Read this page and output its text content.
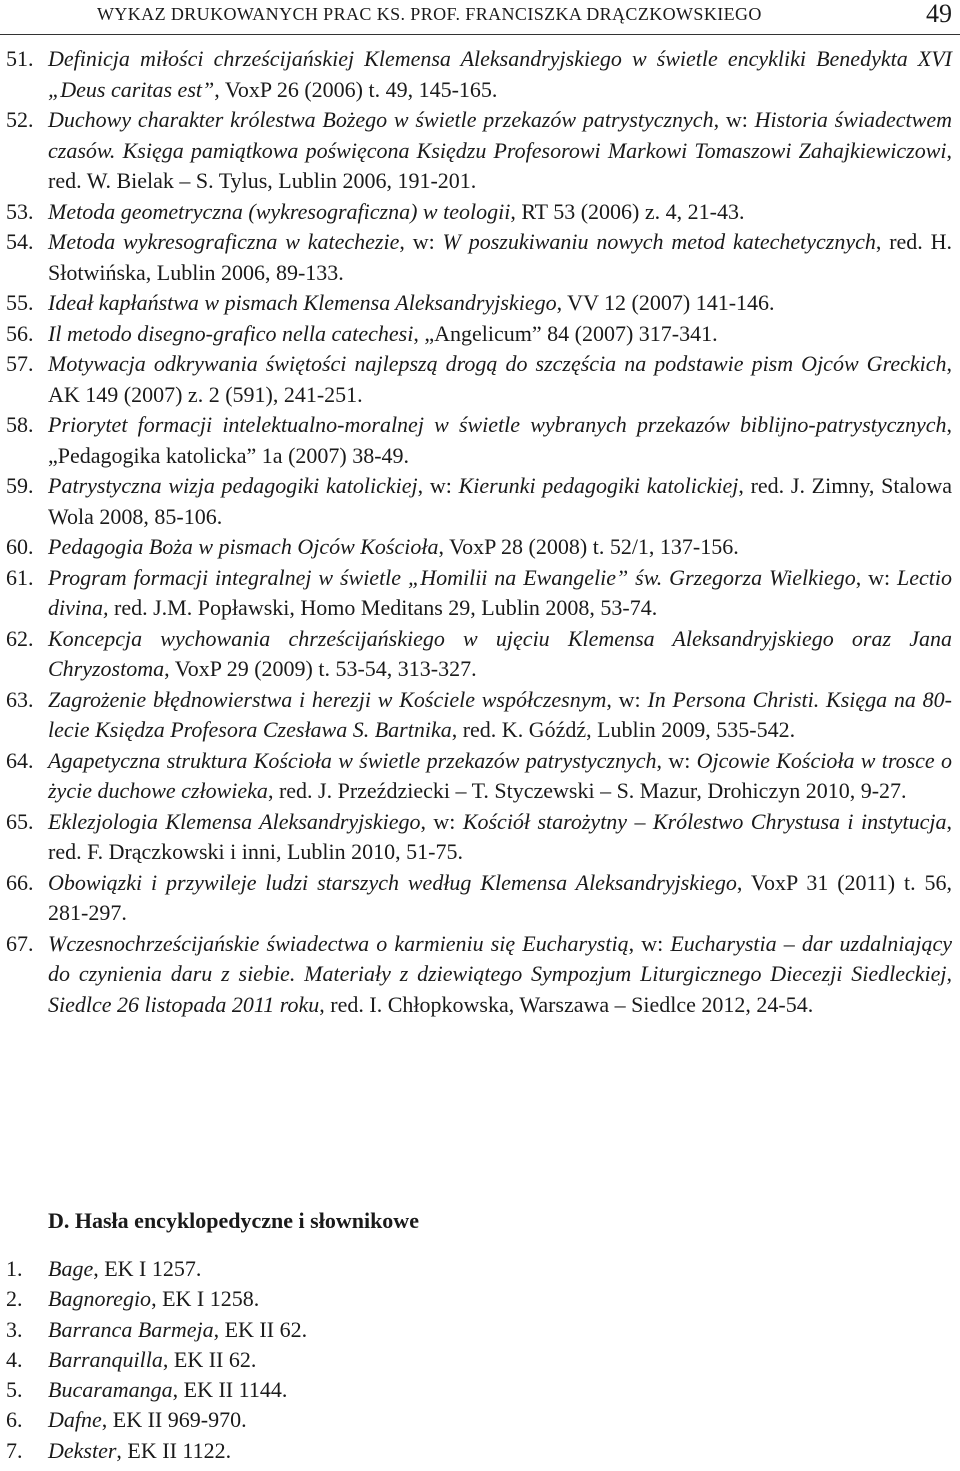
WYKAZ DRUKOWANYCH PRAC KS. PROF. FRANCISZKA DRĄCZKOWSKIEGO	49
51. Definicja miłości chrześcijańskiej Klemensa Aleksandryjskiego w świetle encykliki Benedykta XVI „Deus caritas est”, VoxP 26 (2006) t. 49, 145-165.
52. Duchowy charakter królestwa Bożego w świetle przekazów patrystycznych, w: Historia świadectwem czasów. Księga pamiątkowa poświęcona Księdzu Profesorowi Markowi Tomaszowi Zahajkiewiczowi, red. W. Bielak – S. Tylus, Lublin 2006, 191-201.
53. Metoda geometryczna (wykresograficzna) w teologii, RT 53 (2006) z. 4, 21-43.
54. Metoda wykresograficzna w katechezie, w: W poszukiwaniu nowych metod katechetycznych, red. H. Słotwińska, Lublin 2006, 89-133.
55. Ideał kapłaństwa w pismach Klemensa Aleksandryjskiego, VV 12 (2007) 141-146.
56. Il metodo disegno-grafico nella catechesi, „Angelicum” 84 (2007) 317-341.
57. Motywacja odkrywania świętości najlepszą drogą do szczęścia na podstawie pism Ojców Greckich, AK 149 (2007) z. 2 (591), 241-251.
58. Priorytet formacji intelektualno-moralnej w świetle wybranych przekazów biblijno-patrystycznych, „Pedagogika katolicka” 1a (2007) 38-49.
59. Patrystyczna wizja pedagogiki katolickiej, w: Kierunki pedagogiki katolickiej, red. J. Zimny, Stalowa Wola 2008, 85-106.
60. Pedagogia Boża w pismach Ojców Kościoła, VoxP 28 (2008) t. 52/1, 137-156.
61. Program formacji integralnej w świetle „Homilii na Ewangelie” św. Grzegorza Wielkiego, w: Lectio divina, red. J.M. Popławski, Homo Meditans 29, Lublin 2008, 53-74.
62. Koncepcja wychowania chrześcijańskiego w ujęciu Klemensa Aleksandryjskiego oraz Jana Chryzostoma, VoxP 29 (2009) t. 53-54, 313-327.
63. Zagrożenie błędnowierstwa i herezji w Kościele współczesnym, w: In Persona Christi. Księga na 80-lecie Księdza Profesora Czesława S. Bartnika, red. K. Góźdź, Lublin 2009, 535-542.
64. Agapetyczna struktura Kościoła w świetle przekazów patrystycznych, w: Ojcowie Kościoła w trosce o życie duchowe człowieka, red. J. Przeździecki – T. Styczewski – S. Mazur, Drohiczyn 2010, 9-27.
65. Eklezjologia Klemensa Aleksandryjskiego, w: Kościół starożytny – Królestwo Chrystusa i instytucja, red. F. Drączkowski i inni, Lublin 2010, 51-75.
66. Obowiązki i przywileje ludzi starszych według Klemensa Aleksandryjskiego, VoxP 31 (2011) t. 56, 281-297.
67. Wczesnochrześcijańskie świadectwa o karmieniu się Eucharystią, w: Eucharystia – dar uzdalniający do czynienia daru z siebie. Materiały z dziewiątego Sympozjum Liturgicznego Diecezji Siedleckiej, Siedlce 26 listopada 2011 roku, red. I. Chłopkowska, Warszawa – Siedlce 2012, 24-54.
D. Hasła encyklopedyczne i słownikowe
1. Bage, EK I 1257.
2. Bagnoregio, EK I 1258.
3. Barranca Barmeja, EK II 62.
4. Barranquilla, EK II 62.
5. Bucaramanga, EK II 1144.
6. Dafne, EK II 969-970.
7. Dekster, EK II 1122.
